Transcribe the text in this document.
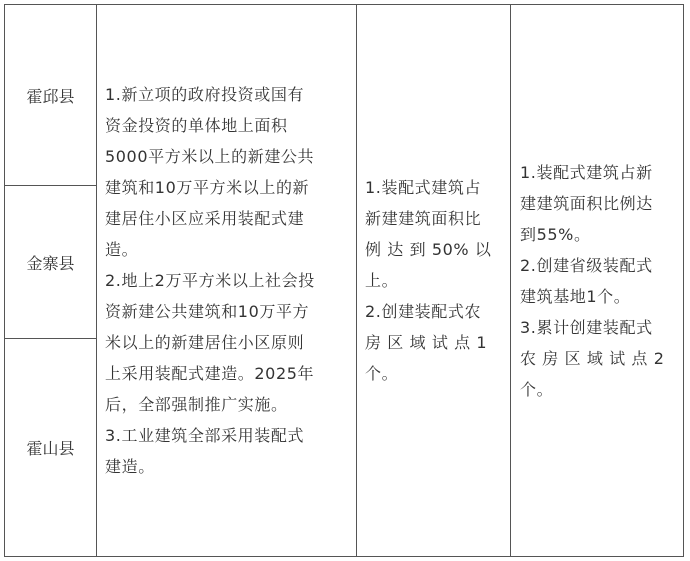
霍邱县
金寨县
霍山县
1.新立项的政府投资或国有
资金投资的单体地上面积
5000平方米以上的新建公共
建筑和10万平方米以上的新
建居住小区应采用装配式建
造。
2.地上2万平方米以上社会投
资新建公共建筑和10万平方
米以上的新建居住小区原则
上采用装配式建造。2025年
后，全部强制推广实施。
3.工业建筑全部采用装配式
建造。
1.装配式建筑占
新建建筑面积比
例 达 到 50% 以
上。
2.创建装配式农
房 区 域 试 点 1
个。
1.装配式建筑占新
建建筑面积比例达
到55%。
2.创建省级装配式
建筑基地1个。
3.累计创建装配式
农 房 区 域 试 点 2
个。
